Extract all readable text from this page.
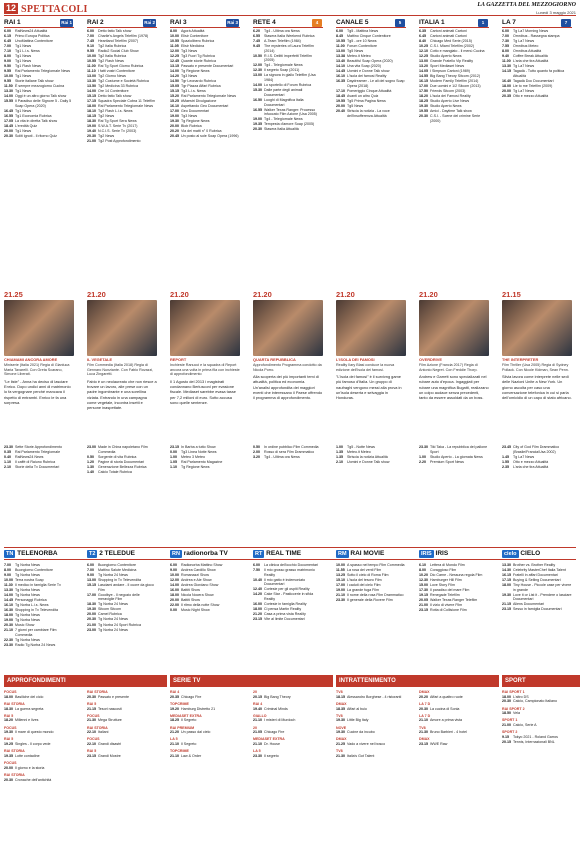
12 SPETTACOLI	LA GAZZETTA DEL MEZZOGIORNO
Lunedì 3 maggio 2021
RAI 1	Rai 1
6.00	RaiNews24 Attualità
6.15	Primo Europa Politica
6.45	UnoMattina Contenitore
7.00	Tg1 News
7.10	Tg1 L.i.s. News
8.00	Tg1 News
9.00	Tg1 News
9.50	Tg1 Flash News
9.55	Rai Parlamento Telegiornale News
10.00 Tg1 News
9.55	Storie italiane Talk show
11.50 È sempre mezzogiorno Cucina
13.30 Tg1 News
14.00 Oggi è un altro giorno Talk show
15.55 Il Paradiso delle Signore 5 - Daily 5 Soap Opera (2020)
16.45 Tg1 News
16.55 Tg1 Economia Rubrica
17.05 La vita in diretta Talk show
18.45 L'eredità Quiz
20.00 Tg1 News
20.30 Soliti ignoti - Il ritorno Quiz
RAI 2	Rai 2
6.00	Detto fatto Talk show
7.00	Charlie's Angels Telefilm (1978)
7.45	Heartland Telefilm (2007)
9.10	Tg2 Italia Rubrica
9.55	Radio2 Social Club Show
10.00 Tg2 Italia Rubrica
10.55 Tg2 Flash News
11.00 Rai Tg Sport Giorno Rubrica
11.10 I fatti vostri Contenitore
13.00 Tg2 Giorno News
13.30 Tg2 Costume e Società Rubrica
13.50 Tg2 Medicina 33 Rubrica
14.00 Ore 14 Contenitore
15.15 Detto fatto Talk show
17.15 Squadra Speciale Cobra 11 Telefilm
18.00 Rai Parlamento Telegiornale News
18.10 Tg2 Flash L.i.s. News
18.15 Tg2 News
18.30 Rai Tg Sport Sera News
19.00 S.W.A.T. Serie Tv (2017)
19.40 N.C.I.S. Serie Tv (2003)
20.30 Tg2 News
21.00 Tg2 Post Approfondimento
RAI 3	Rai 3
8.00	Agorà Attualità
10.00 Elisir Contenitore
10.55 Spaziolibero Rubrica
11.05 Elisir Medicina
12.00 Tg3 News
12.25 Tg3 Fuori Tg Rubrica
12.45 Quante storie Rubrica
13.15 Passato e presente Documentari
14.00 Tg Regione News
14.20 Tg3 News
14.50 Tgr Leonardo Rubrica
15.05 Tgr Piazza Affari Rubrica
15.15 Tg3 L.i.s. News
15.20 Rai Parlamento Telegiornale News
15.25 #Maestri Divulgazione
16.10 Aspettando Geo Documentari
17.00 Geo Documentari
19.00 Tg3 News
19.30 Tg Regione News
20.00 Blob Rubrica
20.20 Via dei matti n° 0 Rubrica
20.45 Un posto al sole Soap Opera (1996)
RETE 4	4
6.20	Tg4 - Ultima ora News
6.55	Stasera Italia Weekend Rubrica
7.45	A-Team Telefilm (1984)
9.45	The mysteries of Laura Telefilm (2014)
10.50 R.I.S. Delitti imperfetti Telefilm (2005)
12.00 Tg4 - Telegiornale News
12.30 Il segreto Soap (2011)
13.00 La signora in giallo Telefilm (Usa 1984)
14.00 Lo sportello di Forum Rubrica
15.30 Dalle parte degli animali Documentari
16.50 Luoghi di Magnifica Italia Documentari
16.55 Walker Texas Ranger: Processo infuocato Film Azione (Usa 2005)
19.00 Tg4 - Telegiornale News
19.35 Tempesta d'amore Soap (2005)
20.30 Stasera Italia Attualità
CANALE 5	5
6.00	Tg5 - Mattina News
8.45	Mattino Cinque Contenitore
10.55 Tg5 - ore 10 News
11.00 Forum Contenitore
13.00 Tg5 News
13.38 Meteo.it Meteo
13.40 Beautiful Soap Opera (2020)
14.10 Una vita Soap (2020)
14.45 Uomini e Donne Talk show
16.10 L'isola dei famosi Reality
16.35 Daydreamer - Le ali del sogno Soap Opera (2018)
17.10 Pomeriggio Cinque Attualità
18.45 Avanti un altro Quiz
19.55 Tg5 Prima Pagina News
20.00 Tg5 News
20.40 Striscia la notizia - La voce dell'insofferenza Attualità
ITALIA 1	1
6.35	Cartoni animati Cartoni
6.45	Cartoni animati Cartoni
8.40	Chicago Med Serie (2015)
10.25 C.S.I. Miami Telefilm (2002)
12.10 Cotto e mangiato - Il menù Cucina
12.25 Studio Aperto News
13.00 Grande Fratello Vip Reality
13.20 Sport Mediaset News
14.05 I Simpson Cartoni (1989)
14.55 Big Bang Theory Sitcom (2012)
16.15 Modern Family Telefilm (2014)
17.00 Due uomini e 1/2 Sitcom (2013)
17.50 Friends Sitcom (2003)
18.20 L'isola dei Famosi Reality
18.25 Studio Aperto Live News
19.30 Studio Aperto News
19.55 Amici - Daytime Talk show
20.30 C.S.I. - Scene del crimine Serie (2000)
LA 7	7
6.00	Tg La7 Morning News
7.00	Omnibus - Rassegna stampa
7.30	Tg La7 News
7.55	Omnibus Meteo
8.00	Omnibus Attualità
9.40	Coffee Break Attualità
11.00 L'aria che tira Attualità
13.30 Tg La7 News
14.15 Tagadà - Tutto quanto fa politica Attualità
16.40 Tagadà Doc Documentari
18.00 Lie to me Telefilm (2009)
20.00 Tg La7 News
20.35 Otto e mezzo Attualità
21.25
CHIAMAMI ANCORA AMORE
Miniserie (Italia 2021) Regia di Gianluca Maria Tavarelli. Con Greta Scarano, Simone Liberati.
"Le liste" - Anna ha deciso di lasciare Enrico. Dopo undici anni di matrimonio lo fa vergognare perché mancava il rispetto di entrambi. Enrico le fa una sorpresa.
21.20
IL VEGETALE
Film Commedia (Italia 2018) Regia di Gennaro Nunziante. Con Fabio Rovazzi, Luca Zingaretti.
Fabio è un neolaureato che non riesce a trovare un lavoro, alle prese con un padre ingombrante e una sorellina viziata. Entrando in una campagna come vegetale, incontra insetti e persone inaspettate.
21.20
REPORT
Inchieste Ranucci e la squadra di Report ancora una volta in prima fila con inchieste di approfondimento
Il 1 Agosto del 2013 i magistrati condannano Berlusconi per evasione fiscale. Mediaset sarebbe evasa tasse per 7,2 milioni di euro. Sotto accusa sono quelle sentenze.
21.20
QUARTA REPUBBLICA
Approfondimento Programma condotto da Nicola Porro.
Alla scoperta dei più importanti temi di attualità, politica ed economia. Un'analisi approfondita dei maggiori eventi che interessano il Paese offrendo il programma di approfondimento.
21.20
L'ISOLA DEI FAMOSI
Reality Ilary Blasi conduce la nuova edizione dell'Isola dei famosi.
"L'isola dei famosi" è il survivng game più famoso d'Italia. Un gruppo di naufraghi vengono messi alla prova in un'isola deserta e selvaggia in Honduras.
21.20
OVERDRIVE
Film Azione (Francia 2017) Regia di Antonio Negret. Con Freddie Thorp.
Andrew e Garrett sono specializzati nel rubare auto d'epoca. Ingaggiati per rubare una magnifica Bugatti, realizzano un colpo audace senza precedenti, tanto da essere assoldati da un boss.
21.15
THE INTERPRETER
Film Thriller (Usa 2005) Regia di Sydney Pollack. Con Nicole Kidman, Sean Penn.
Silvia lavora come interprete nelle sedi delle Nazioni Unite a New York. Un giorno ascolta per caso una conversazione telefonica in cui si parla dell'omicidio di un capo di stato africano.
23.30 Sette Storie Approfondimento
0.35	Rai Parlamento Telegiornale
0.40	RaiNews24 News
1.10	Il caffè di Raiuno Rubrica
2.10	Storie della Tv Documentari
23.00 Made in China napoletano Film Commedia
0.50	Sorgente di vita Rubrica
1.20	Pagine di storia Documentari
1.30	Generazione Bellezza Rubrica
1.40	Calcio Totale Rubrica
23.15 In Barba a tutto Show
0.00	Tg3 Linea Notte News
1.00	Meteo 3 Meteo
1.05	Rai Parlamento Magazine
1.10	Tg Regione News
0.50	In ordine pubblico Film Commedia
2.00	Rosso di sera Film Drammatico
3.20	Tg4 - Ultima ora News
1.00	Tg5 - Notte News
1.35	Meteo.it Meteo
1.35	Striscia la notizia Attualità
2.10	Uomini e Donne Talk show
23.30 Tiki Taka - La repubblica del pallone Sport
1.00	Studio Aperto - La giornata News
2.20	Premium Sport News
23.45 City of God Film Drammatico (Brasile/Francia/Usa 2002)
1.45	Tg La7 News
1.55	Otto e mezzo Attualità
2.35	L'aria che tira Attualità
TN TELENORBA	T2 2 TELEDUE	RN radionorba TV	RT REAL TIME	RM RAI MOVIE	IRIS IRIS	cielo CIELO
7.00	Tg Norba News
8.00	Buongiorno Contenitore
9.00	Tg Norba News
10.00 Terra nostra Soap
11.30 Il medico in famiglia Serie Tv
13.30 Tg Norba News
14.00 Tg Norba News
14.45 Personaggi Rubrica
16.10 Tg Norba L.i.s. News
16.30 Shopping in Tv Televendita
18.00 Tg Norba News
19.00 Tg Norba News
20.30 Music Show
21.10 7 giorni per cambiare Film Commedia
22.30 Tg Norba News
23.30 Radio Tg Norba 24 News
6.00	Buongiorno Contenitore
7.00	Mattino Salute Medicina
9.00	Tg Norba 24 News
13.00 Shopping in Tv Televendita
15.15 Lasciami andare - Il cuore da gioco Film
17.00 Goodbye - Il negozio delle meraviglie Film
18.30 Tg Norba 24 News
19.30 Sitcom Sitcom
20.00 Camel Rubrica
20.30 Tg Norba 24 News
21.00 Tg Norba 24 Sport Rubrica
23.00 Tg Norba 24 News
6.00	Radionorba Mattino Show
9.00	Andrea Cardillo Show
10.00 Romanazzi Show
12.00 Andrea e Ale Show
14.00 Andrea Giordano Show
16.00 Battiti Show
18.00 Nicola Nocera Show
20.00 Battiti Show
22.00 Il ritmo della notte Show
0.00	Music Night Show
6.00	La clinica dell'occhio Documentari
7.50	Il mio grosso grasso matrimonio Reality
10.40 Il mio gatto è indemoniato Documentari
12.40 Cortesie per gli ospiti Reality
14.20 Cake Star - Pasticcerie in sfida Reality
16.00 Cortesie in famiglia Reality
18.00 Ci pensa Martin Reality
21.20 Casa a prima vista Reality
23.15 Vite al limite Documentari
10.00 A spasso nel tempo Film Commedia
11.55 La rosa dei venti Film
13.25 Sotto il cielo di Roma Film
15.10 L'isola del tesoro Film
17.00 I caduti del cielo Film
19.00 La grande fuga Film
21.10 Il nome della rosa Film Drammatico
23.30 Il generale della Rovere Film
6.10	Lettera di Mondo Film
8.00	Coraggioso Film
10.20 Dio Carne - Nessuna regola Film
12.30 Hamburger Hill Film
15.00 Love Story Film
17.30 Il paradiso del mare Film
19.15 Renegade Telefilm
20.05 Walker Texas Ranger Telefilm
21.00 Il vizio di vivere Film
23.15 Rotta di Collisione Film
13.30 Brother vs. Brother Reality
14.30 Celebrity MasterChef Italia Talent
16.15 Fratelli in affari Documentari
17.15 Buying & Selling Documentari
18.00 Tiny House - Piccole case per vivere in grande
19.30 Love it or List it - Prendere o lasciare Documentari
21.15 Aliens Documentari
23.15 Sesso in famiglia Documentari
APPROFONDIMENTI	SERIE TV	INTRATTENIMENTO	SPORT
FOCUS
18.00 Basiliche del ciclo
RAI STORIA
18.30 La guerra segreta
RAI 5
18.20 Millenni e lives
FOCUS
19.30 Il mare di questo mondo
RAI 5
19.25 Singles - Il corpo vede
RAI STORIA
19.35 Lotte contadine
FOCUS
20.00 Il giorno e la storia
RAI STORIA
20.30 Cronache dell'antichità
RAI STORIA
20.30 Passato e presente
RAI 5
21.15 Tesori nascosti
FOCUS
21.30 Mega Strutture
RAI STORIA
22.10 Italiani
FOCUS
22.10 Grandi disastri
RAI 5
23.15 Grandi Mostre
RAI 4
20.35 Chicago Fire
TOPCRIME
19.20 Hamburg Distretto 21
MEDIASET EXTRA
18.25 Il Segreto
RAI PREMIUM
21.20 Un passo dal cielo
LA 5
21.10 Il Segreto
TOPCRIME
21.10 Law & Order
20
20.15 Big Bang Theory
RAI 4
19.40 Criminal Minds
GIALLO
21.10 I misteri di Murdoch
20
21.05 Chicago Fire
MEDIASET EXTRA
21.10 Dr. House
LA 5
23.30 Il segreto
TV8
18.15 Alessandro Borghese - 4 ristoranti
DMAX
18.35 Affari al buio
TV8
19.30 Little Big Italy
NOVE
19.30 Cucine da incubo
DMAX
21.25 Vado a vivere nel bosco
TV8
21.30 Italia's Got Talent
DMAX
20.20 Affari a quattro ruote
LA 7 D
20.30 La cucina di Sonia
LA 7 D
21.10 Amore a prima vista
TV8
21.30 Bruno Barbieri - 4 hotel
DMAX
23.15 WWE Raw
RAI SPORT 1
18.00 L'altro DS
20.30 Calcio, Campionato Italiano
RAI SPORT 2
18.50 Vela
SPORT 1
21.00 Calcio, Serie A
SPORT 2
9.15	Tokyo 2021 - Roland Garros
20.15 Tennis, Internazionali BNL
